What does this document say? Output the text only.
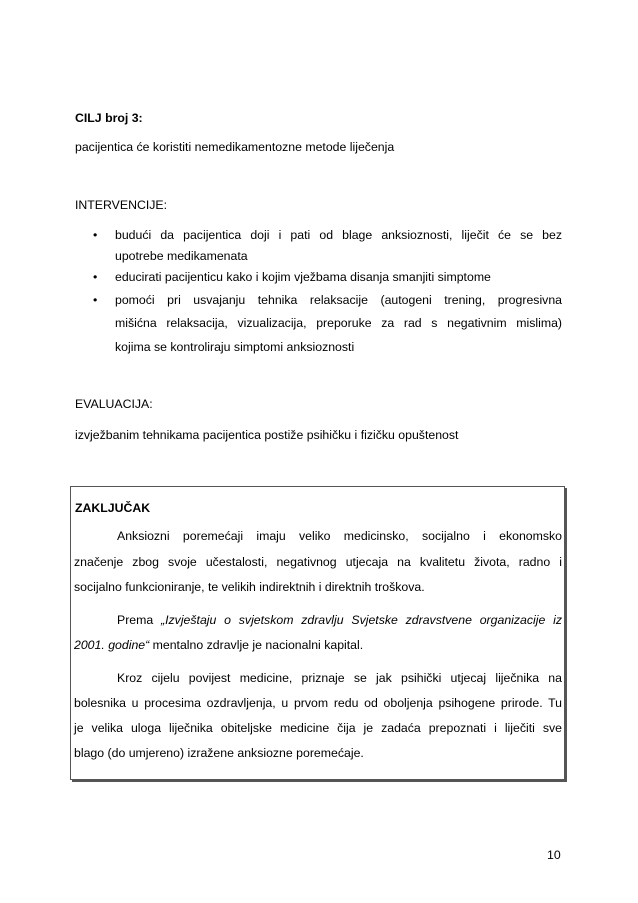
CILJ broj 3:
pacijentica će koristiti nemedikamentozne metode liječenja
INTERVENCIJE:
• budući da pacijentica doji i pati od blage anksioznosti, liječit će se bez
upotrebe medikamenata
• educirati pacijenticu kako i kojim vježbama disanja smanjiti simptome
• pomoći pri usvajanju tehnika relaksacije (autogeni trening, progresivna
mišićna relaksacija, vizualizacija, preporuke za rad s negativnim mislima)
kojima se kontroliraju simptomi anksioznosti
EVALUACIJA:
izvježbanim tehnikama pacijentica postiže psihičku i fizičku opuštenost
ZAKLJUČAK
Anksiozni poremećaji imaju veliko medicinsko, socijalno i ekonomsko
značenje zbog svoje učestalosti, negativnog utjecaja na kvalitetu života, radno i
socijalno funkcioniranje, te velikih indirektnih i direktnih troškova.
Prema „Izvještaju o svjetskom zdravlju Svjetske zdravstvene organizacije iz
2001. godine“ mentalno zdravlje je nacionalni kapital.
Kroz cijelu povijest medicine, priznaje se jak psihički utjecaj liječnika na
bolesnika u procesima ozdravljenja, u prvom redu od oboljenja psihogene prirode. Tu
je velika uloga liječnika obiteljske medicine čija je zadaća prepoznati i liječiti sve
blago (do umjereno) izražene anksiozne poremećaje.
10
